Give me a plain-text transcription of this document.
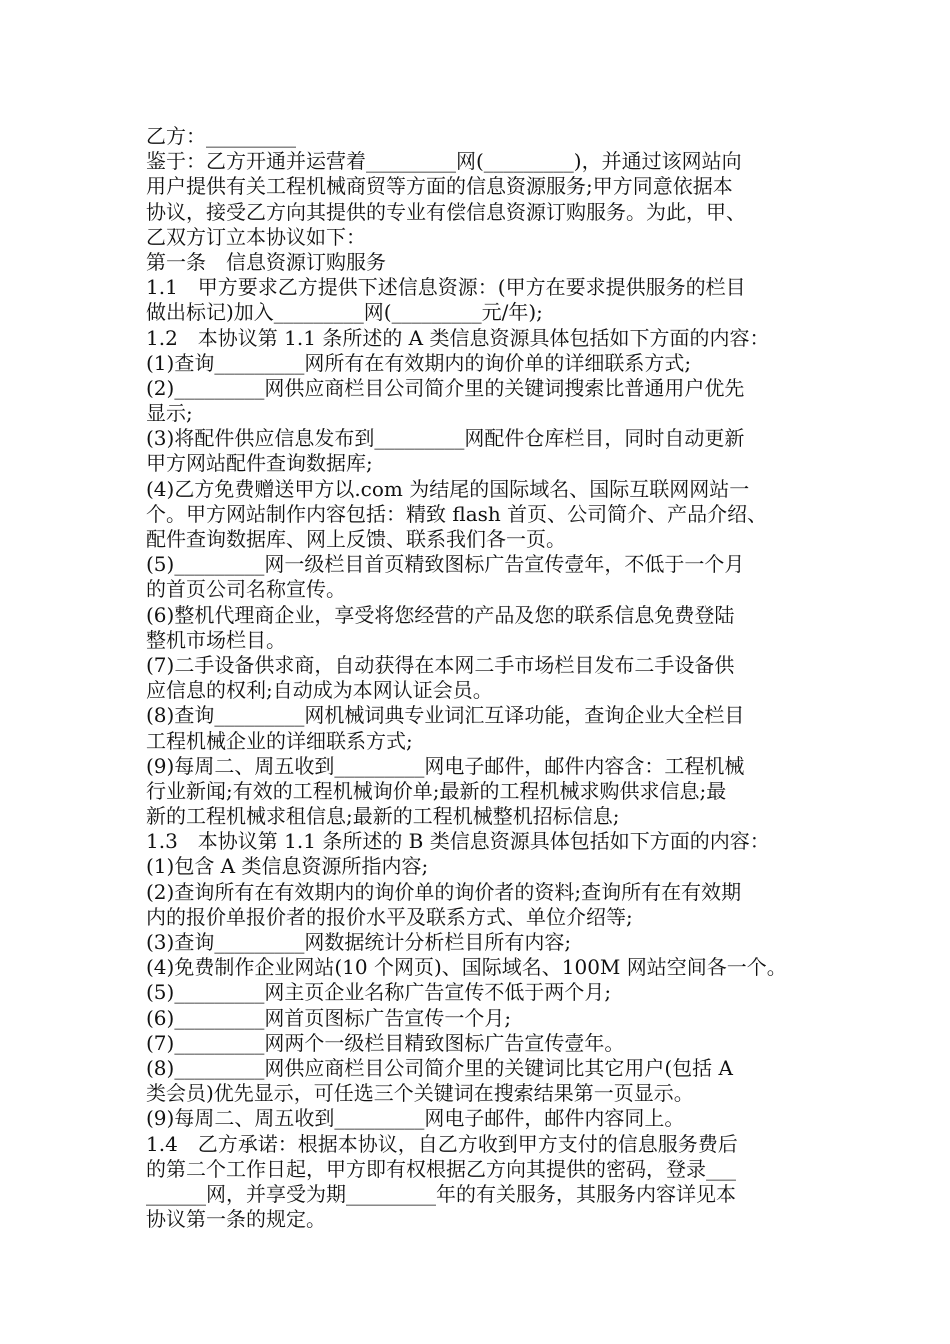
乙方：_________
鉴于：乙方开通并运营着_________网(_________)，并通过该网站向
用户提供有关工程机械商贸等方面的信息资源服务;甲方同意依据本
协议，接受乙方向其提供的专业有偿信息资源订购服务。为此，甲、
乙双方订立本协议如下：
第一条　信息资源订购服务
1.1　甲方要求乙方提供下述信息资源：(甲方在要求提供服务的栏目
做出标记)加入_________网(_________元/年);
1.2　本协议第 1.1 条所述的 A 类信息资源具体包括如下方面的内容：
(1)查询_________网所有在有效期内的询价单的详细联系方式;
(2)_________网供应商栏目公司简介里的关键词搜索比普通用户优先
显示;
(3)将配件供应信息发布到_________网配件仓库栏目，同时自动更新
甲方网站配件查询数据库;
(4)乙方免费赠送甲方以.com 为结尾的国际域名、国际互联网网站一
个。甲方网站制作内容包括：精致 flash 首页、公司简介、产品介绍、
配件查询数据库、网上反馈、联系我们各一页。
(5)_________网一级栏目首页精致图标广告宣传壹年，不低于一个月
的首页公司名称宣传。
(6)整机代理商企业，享受将您经营的产品及您的联系信息免费登陆
整机市场栏目。
(7)二手设备供求商，自动获得在本网二手市场栏目发布二手设备供
应信息的权利;自动成为本网认证会员。
(8)查询_________网机械词典专业词汇互译功能，查询企业大全栏目
工程机械企业的详细联系方式;
(9)每周二、周五收到_________网电子邮件，邮件内容含：工程机械
行业新闻;有效的工程机械询价单;最新的工程机械求购供求信息;最
新的工程机械求租信息;最新的工程机械整机招标信息;
1.3　本协议第 1.1 条所述的 B 类信息资源具体包括如下方面的内容：
(1)包含 A 类信息资源所指内容;
(2)查询所有在有效期内的询价单的询价者的资料;查询所有在有效期
内的报价单报价者的报价水平及联系方式、单位介绍等;
(3)查询_________网数据统计分析栏目所有内容;
(4)免费制作企业网站(10 个网页)、国际域名、100M 网站空间各一个。
(5)_________网主页企业名称广告宣传不低于两个月;
(6)_________网首页图标广告宣传一个月;
(7)_________网两个一级栏目精致图标广告宣传壹年。
(8)_________网供应商栏目公司简介里的关键词比其它用户(包括 A
类会员)优先显示，可任选三个关键词在搜索结果第一页显示。
(9)每周二、周五收到_________网电子邮件，邮件内容同上。
1.4　乙方承诺：根据本协议，自乙方收到甲方支付的信息服务费后
的第二个工作日起，甲方即有权根据乙方向其提供的密码，登录___
______网，并享受为期_________年的有关服务，其服务内容详见本
协议第一条的规定。
